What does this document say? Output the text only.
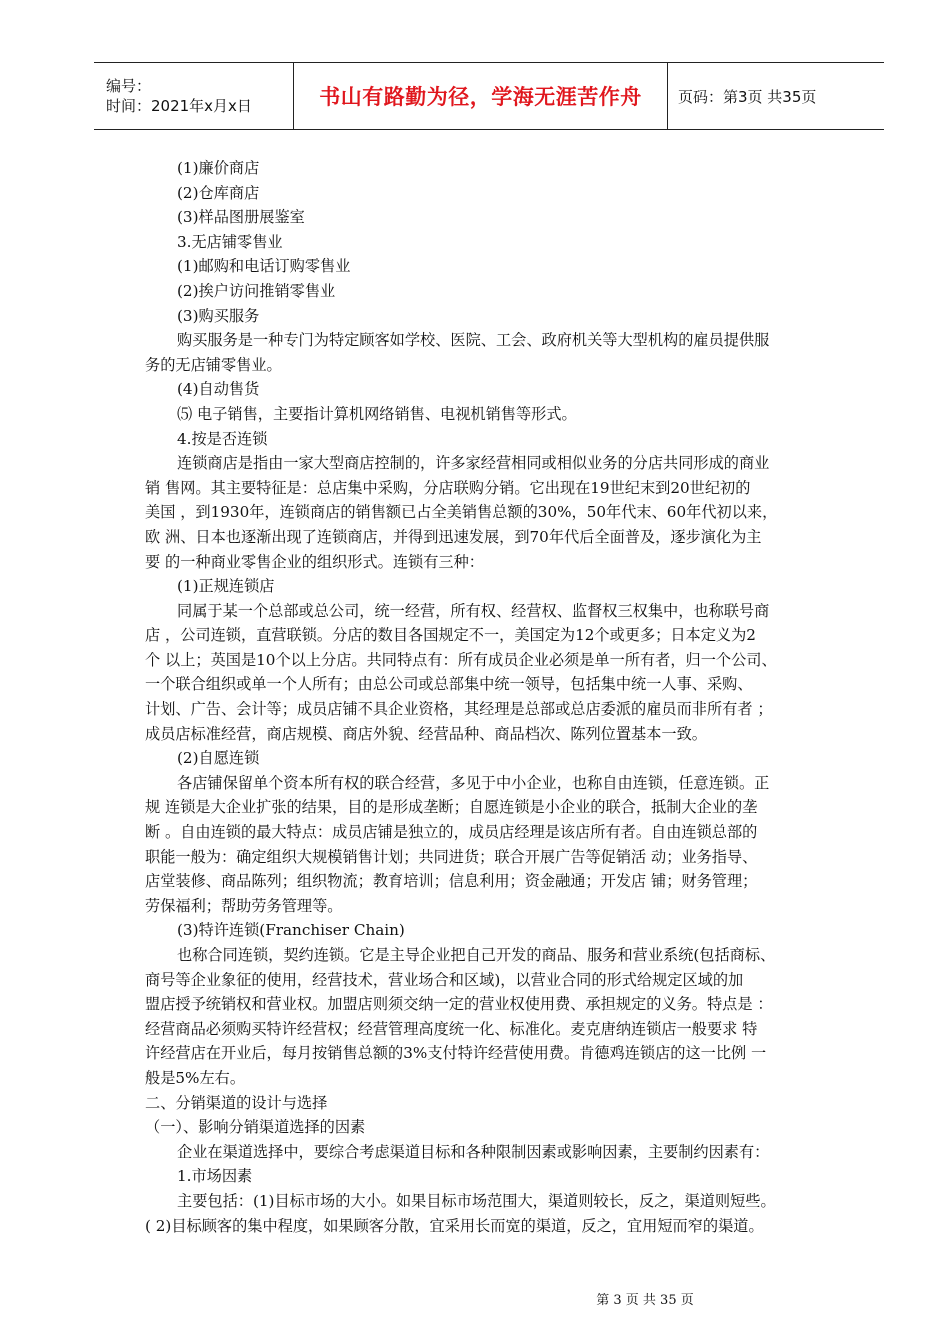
编号：
时间：2021年x月x日	书山有路勤为径，学海无涯苦作舟 页码：第3页 共35页
(1)廉价商店
(2)仓库商店
(3)样品图册展鉴室
3.无店铺零售业
(1)邮购和电话订购零售业
(2)挨户访问推销零售业
(3)购买服务
购买服务是一种专门为特定顾客如学校、医院、工会、政府机关等大型机构的雇员提供服
务的无店铺零售业。
(4)自动售货
⑸ 电子销售，主要指计算机网络销售、电视机销售等形式。
4.按是否连锁
连锁商店是指由一家大型商店控制的，许多家经营相同或相似业务的分店共同形成的商业
销 售网。其主要特征是：总店集中采购，分店联购分销。它出现在19世纪末到20世纪初的
美国 ，到1930年，连锁商店的销售额已占全美销售总额的30%，50年代末、60年代初以来，
欧 洲、日本也逐渐出现了连锁商店，并得到迅速发展，到70年代后全面普及，逐步演化为主
要 的一种商业零售企业的组织形式。连锁有三种：
(1)正规连锁店
同属于某一个总部或总公司，统一经营，所有权、经营权、监督权三权集中，也称联号商
店 ，公司连锁，直营联锁。分店的数目各国规定不一，美国定为12个或更多；日本定义为2
个 以上；英国是10个以上分店。共同特点有：所有成员企业必须是单一所有者，归一个公司、
一个联合组织或单一个人所有；由总公司或总部集中统一领导，包括集中统一人事、采购、
计划、广告、会计等；成员店铺不具企业资格，其经理是总部或总店委派的雇员而非所有者 ；
成员店标准经营，商店规模、商店外貌、经营品种、商品档次、陈列位置基本一致。
(2)自愿连锁
各店铺保留单个资本所有权的联合经营，多见于中小企业，也称自由连锁，任意连锁。正
规 连锁是大企业扩张的结果，目的是形成垄断；自愿连锁是小企业的联合，抵制大企业的垄
断 。自由连锁的最大特点：成员店铺是独立的，成员店经理是该店所有者。自由连锁总部的
职能一般为：确定组织大规模销售计划；共同进货；联合开展广告等促销活 动；业务指导、
店堂装修、商品陈列；组织物流；教育培训；信息利用；资金融通；开发店 铺；财务管理；
劳保福利；帮助劳务管理等。
(3)特许连锁(Franchiser Chain)
也称合同连锁，契约连锁。它是主导企业把自己开发的商品、服务和营业系统(包括商标、
商号等企业象征的使用，经营技术，营业场合和区域)，以营业合同的形式给规定区域的加
盟店授予统销权和营业权。加盟店则须交纳一定的营业权使用费、承担规定的义务。特点是 ：
经营商品必须购买特许经营权；经营管理高度统一化、标准化。麦克唐纳连锁店一般要求 特
许经营店在开业后，每月按销售总额的3%支付特许经营使用费。肯德鸡连锁店的这一比例 一
般是5%左右。
二、分销渠道的设计与选择
（一）、影响分销渠道选择的因素
企业在渠道选择中，要综合考虑渠道目标和各种限制因素或影响因素，主要制约因素有：
1.市场因素
主要包括：(1)目标市场的大小。如果目标市场范围大，渠道则较长，反之，渠道则短些。
( 2)目标顾客的集中程度，如果顾客分散，宜采用长而宽的渠道，反之，宜用短而窄的渠道。
第 3 页 共 35 页
